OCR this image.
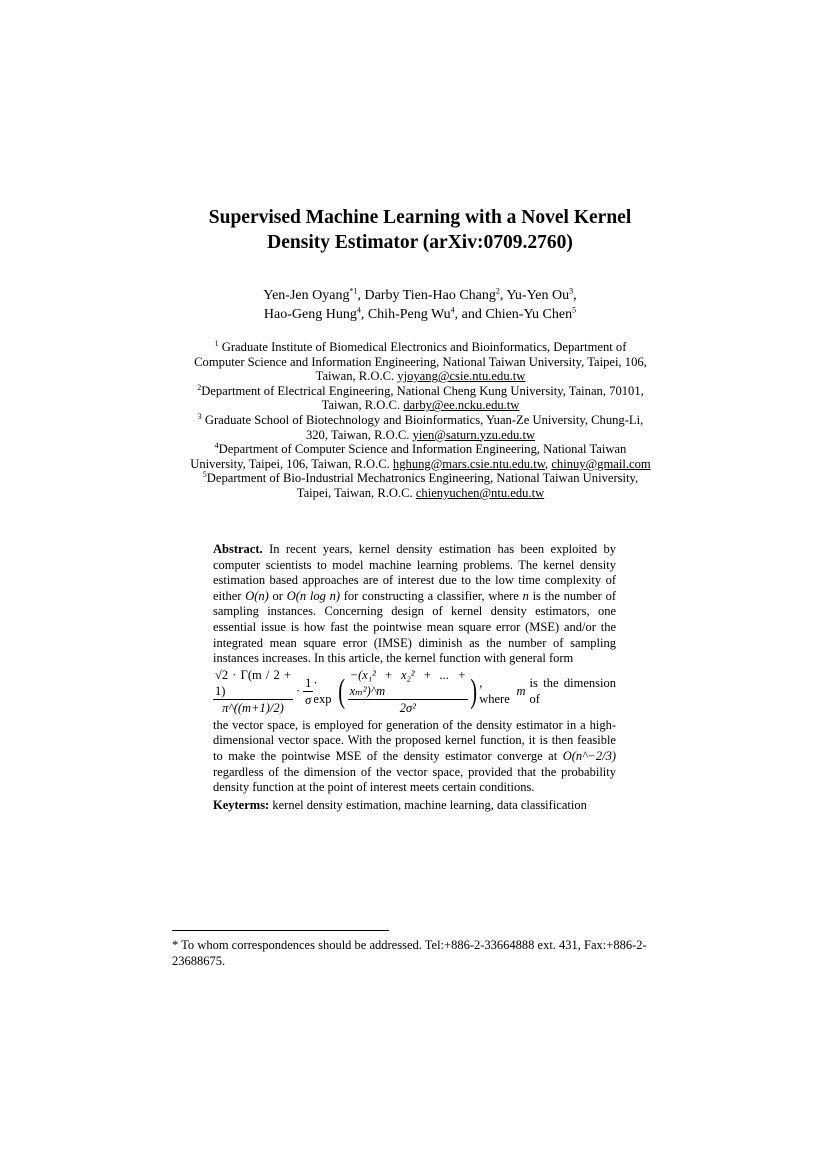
Supervised Machine Learning with a Novel Kernel
Density Estimator (arXiv:0709.2760)
Yen-Jen Oyang$^{*1}$, Darby Tien-Hao Chang$^2$, Yu-Yen Ou$^3$,
Hao-Geng Hung$^4$, Chih-Peng Wu$^4$, and Chien-Yu Chen$^5$
$^1$ Graduate Institute of Biomedical Electronics and Bioinformatics, Department of Computer Science and Information Engineering, National Taiwan University, Taipei, 106, Taiwan, R.O.C. yjoyang@csie.ntu.edu.tw
$^2$Department of Electrical Engineering, National Cheng Kung University, Tainan, 70101, Taiwan, R.O.C. darby@ee.ncku.edu.tw
$^3$ Graduate School of Biotechnology and Bioinformatics, Yuan-Ze University, Chung-Li, 320, Taiwan, R.O.C. yien@saturn.yzu.edu.tw
$^4$Department of Computer Science and Information Engineering, National Taiwan University, Taipei, 106, Taiwan, R.O.C. hghung@mars.csie.ntu.edu.tw, chinuy@gmail.com
$^5$Department of Bio-Industrial Mechatronics Engineering, National Taiwan University, Taipei, Taiwan, R.O.C. chienyuchen@ntu.edu.tw
Abstract. In recent years, kernel density estimation has been exploited by computer scientists to model machine learning problems. The kernel density estimation based approaches are of interest due to the low time complexity of either O(n) or O(n log n) for constructing a classifier, where n is the number of sampling instances. Concerning design of kernel density estimators, one essential issue is how fast the pointwise mean square error (MSE) and/or the integrated mean square error (IMSE) diminish as the number of sampling instances increases. In this article, the kernel function with general form
$\frac{√2 \cdot \Gamma(m / 2 + 1)}{\pi\^{}((m+1)/2)} \cdot \frac{1}{\sigma} \cdot \exp$ ( $\frac{\text{−(x₁² + x₂² + ... + xₘ²)\textasciicircum{}m}}{\text{2σ²}}$ ) , where
m
is the dimension of
the vector space, is employed for generation of the density estimator in a high-dimensional vector space. With the proposed kernel function, it is then feasible to make the pointwise MSE of the density estimator converge at O(n^−2/3) regardless of the dimension of the vector space, provided that the probability density function at the point of interest meets certain conditions.
Keyterms: kernel density estimation, machine learning, data classification
* To whom correspondences should be addressed. Tel:+886-2-33664888 ext. 431, Fax:+886-2-23688675.
